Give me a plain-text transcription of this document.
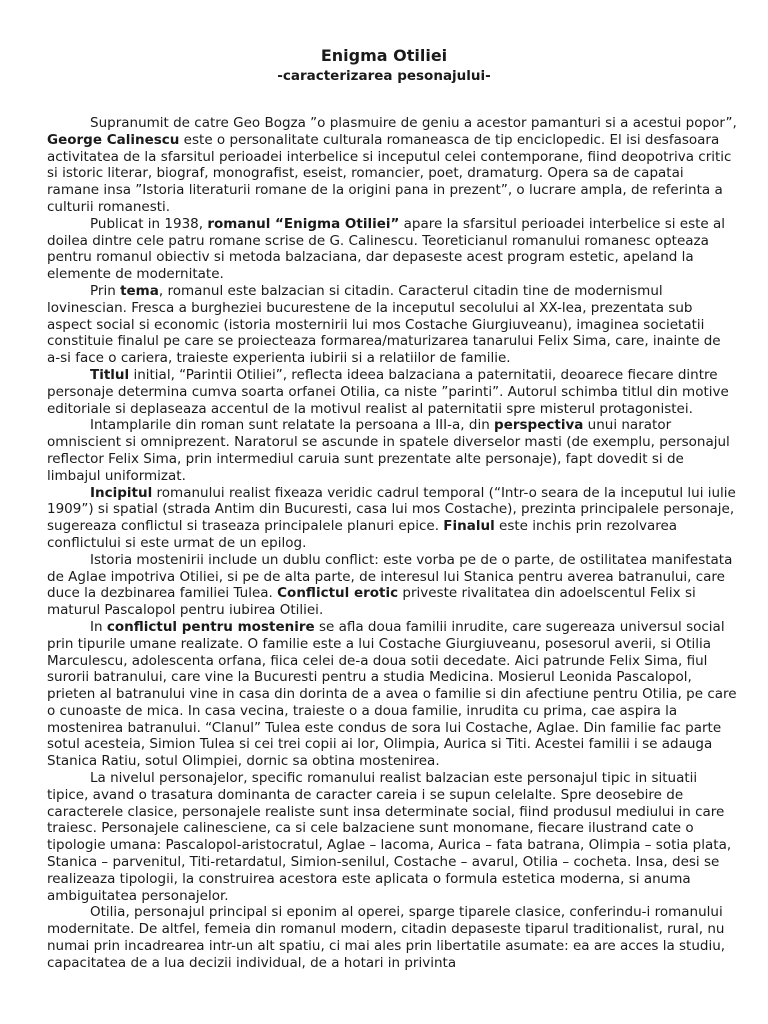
Enigma Otiliei
-caracterizarea pesonajului-

Supranumit de catre Geo Bogza ”o plasmuire de geniu a acestor pamanturi si a acestui popor”, George Calinescu este o personalitate culturala romaneasca de tip enciclopedic. El isi desfasoara activitatea de la sfarsitul perioadei interbelice si inceputul celei contemporane, fiind deopotriva critic si istoric literar, biograf, monografist, eseist, romancier, poet, dramaturg. Opera sa de capatai ramane insa ”Istoria literaturii romane de la origini pana in prezent”, o lucrare ampla, de referinta a culturii romanesti.

Publicat in 1938, romanul “Enigma Otiliei” apare la sfarsitul perioadei interbelice si este al doilea dintre cele patru romane scrise de G. Calinescu. Teoreticianul romanului romanesc opteaza pentru romanul obiectiv si metoda balzaciana, dar depaseste acest program estetic, apeland la elemente de modernitate.

Prin tema, romanul este balzacian si citadin. Caracterul citadin tine de modernismul lovinescian. Fresca a burgheziei bucurestene de la inceputul secolului al XX-lea, prezentata sub aspect social si economic (istoria mosternirii lui mos Costache Giurgiuveanu), imaginea societatii constituie finalul pe care se proiecteaza formarea/maturizarea tanarului Felix Sima, care, inainte de a-si face o cariera, traieste experienta iubirii si a relatiilor de familie.

Titlul initial, “Parintii Otiliei”, reflecta ideea balzaciana a paternitatii, deoarece fiecare dintre personaje determina cumva soarta orfanei Otilia, ca niste ”parinti”. Autorul schimba titlul din motive editoriale si deplaseaza accentul de la motivul realist al paternitatii spre misterul protagonistei.

Intamplarile din roman sunt relatate la persoana a III-a, din perspectiva unui narator omniscient si omniprezent. Naratorul se ascunde in spatele diverselor masti (de exemplu, personajul reflector Felix Sima, prin intermediul caruia sunt prezentate alte personaje), fapt dovedit si de limbajul uniformizat.

Incipitul romanului realist fixeaza veridic cadrul temporal (“Intr-o seara de la inceputul lui iulie 1909”) si spatial (strada Antim din Bucuresti, casa lui mos Costache), prezinta principalele personaje, sugereaza conflictul si traseaza principalele planuri epice. Finalul este inchis prin rezolvarea conflictului si este urmat de un epilog.

Istoria mostenirii include un dublu conflict: este vorba pe de o parte, de ostilitatea manifestata de Aglae impotriva Otiliei, si pe de alta parte, de interesul lui Stanica pentru averea batranului, care duce la dezbinarea familiei Tulea. Conflictul erotic priveste rivalitatea din adoelscentul Felix si maturul Pascalopol pentru iubirea Otiliei.

In conflictul pentru mostenire se afla doua familii inrudite, care sugereaza universul social prin tipurile umane realizate. O familie este a lui Costache Giurgiuveanu, posesorul averii, si Otilia Marculescu, adolescenta orfana, fiica celei de-a doua sotii decedate. Aici patrunde Felix Sima, fiul surorii batranului, care vine la Bucuresti pentru a studia Medicina. Mosierul Leonida Pascalopol, prieten al batranului vine in casa din dorinta de a avea o familie si din afectiune pentru Otilia, pe care o cunoaste de mica. In casa vecina, traieste o a doua familie, inrudita cu prima, cae aspira la mostenirea batranului. “Clanul” Tulea este condus de sora lui Costache, Aglae. Din familie fac parte sotul acesteia, Simion Tulea si cei trei copii ai lor, Olimpia, Aurica si Titi. Acestei familii i se adauga Stanica Ratiu, sotul Olimpiei, dornic sa obtina mostenirea.

La nivelul personajelor, specific romanului realist balzacian este personajul tipic in situatii tipice, avand o trasatura dominanta de caracter careia i se supun celelalte. Spre deosebire de caracterele clasice, personajele realiste sunt insa determinate social, fiind produsul mediului in care traiesc. Personajele calinesciene, ca si cele balzaciene sunt monomane, fiecare ilustrand cate o tipologie umana: Pascalopol-aristocratul, Aglae – lacoma, Aurica – fata batrana, Olimpia – sotia plata, Stanica – parvenitul, Titi-retardatul, Simion-senilul, Costache – avarul, Otilia – cocheta. Insa, desi se realizeaza tipologii, la construirea acestora este aplicata o formula estetica moderna, si anuma ambiguitatea personajelor.

Otilia, personajul principal si eponim al operei, sparge tiparele clasice, conferindu-i romanului modernitate. De altfel, femeia din romanul modern, citadin depaseste tiparul traditionalist, rural, nu numai prin incadrearea intr-un alt spatiu, ci mai ales prin libertatile asumate: ea are acces la studiu, capacitatea de a lua decizii individual, de a hotari in privinta
